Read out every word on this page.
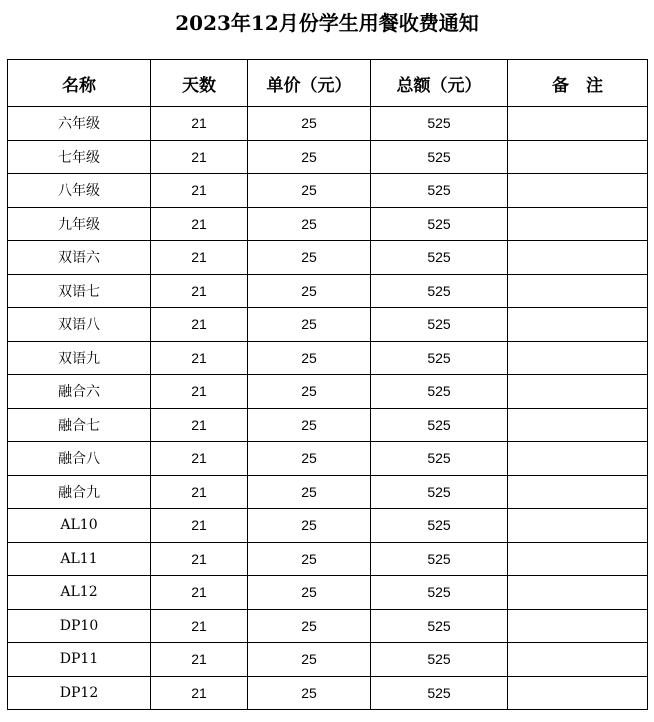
2023年12月份学生用餐收费通知
名称	天数	单价（元）	总额（元）	备　注
六年级	21	25	525	
七年级	21	25	525	
八年级	21	25	525	
九年级	21	25	525	
双语六	21	25	525	
双语七	21	25	525	
双语八	21	25	525	
双语九	21	25	525	
融合六	21	25	525	
融合七	21	25	525	
融合八	21	25	525	
融合九	21	25	525	
AL10	21	25	525	
AL11	21	25	525	
AL12	21	25	525	
DP10	21	25	525	
DP11	21	25	525	
DP12	21	25	525	
